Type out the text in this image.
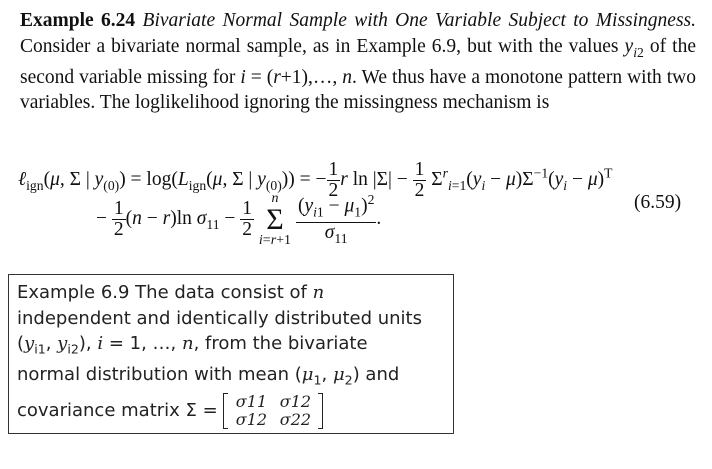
Example 6.24 Bivariate Normal Sample with One Variable Subject to Missingness. Consider a bivariate normal sample, as in Example 6.9, but with the values $y_{i2}$ of the second variable missing for i = (r+1),…, n. We thus have a monotone pattern with two variables. The loglikelihood ignoring the missingness mechanism is
ℓ$_{ign}$(μ, Σ | $y_{(0)}) = \log(L_{ign}(\mu$, Σ | $y_{(0)}$)) = − $\frac{1}{2}$ r $\ln |\Sigma| - \frac{1}{2} \Sigma^r_{i=1}(y_i - \mu)\Sigma^{-1}(y_i - \mu)^T$
− $\frac{1}{2} (n - r)\ln$ $\sigma_{11} - \frac{1}{2}$
n
Σ
$i=r+1 \frac{(y_{i1} - \mu_1)^2}{\sigma_{11}}$ .
(6.59)
Example 6.9 The data consist of n
independent and identically distributed units
($y_{i1}$, $y_{i2}$), i = 1, …, n, from the bivariate
normal distribution with mean ($\mu_1$, $\mu_2$) and
covariance matrix Σ = σ11 σ12
σ12 σ22
